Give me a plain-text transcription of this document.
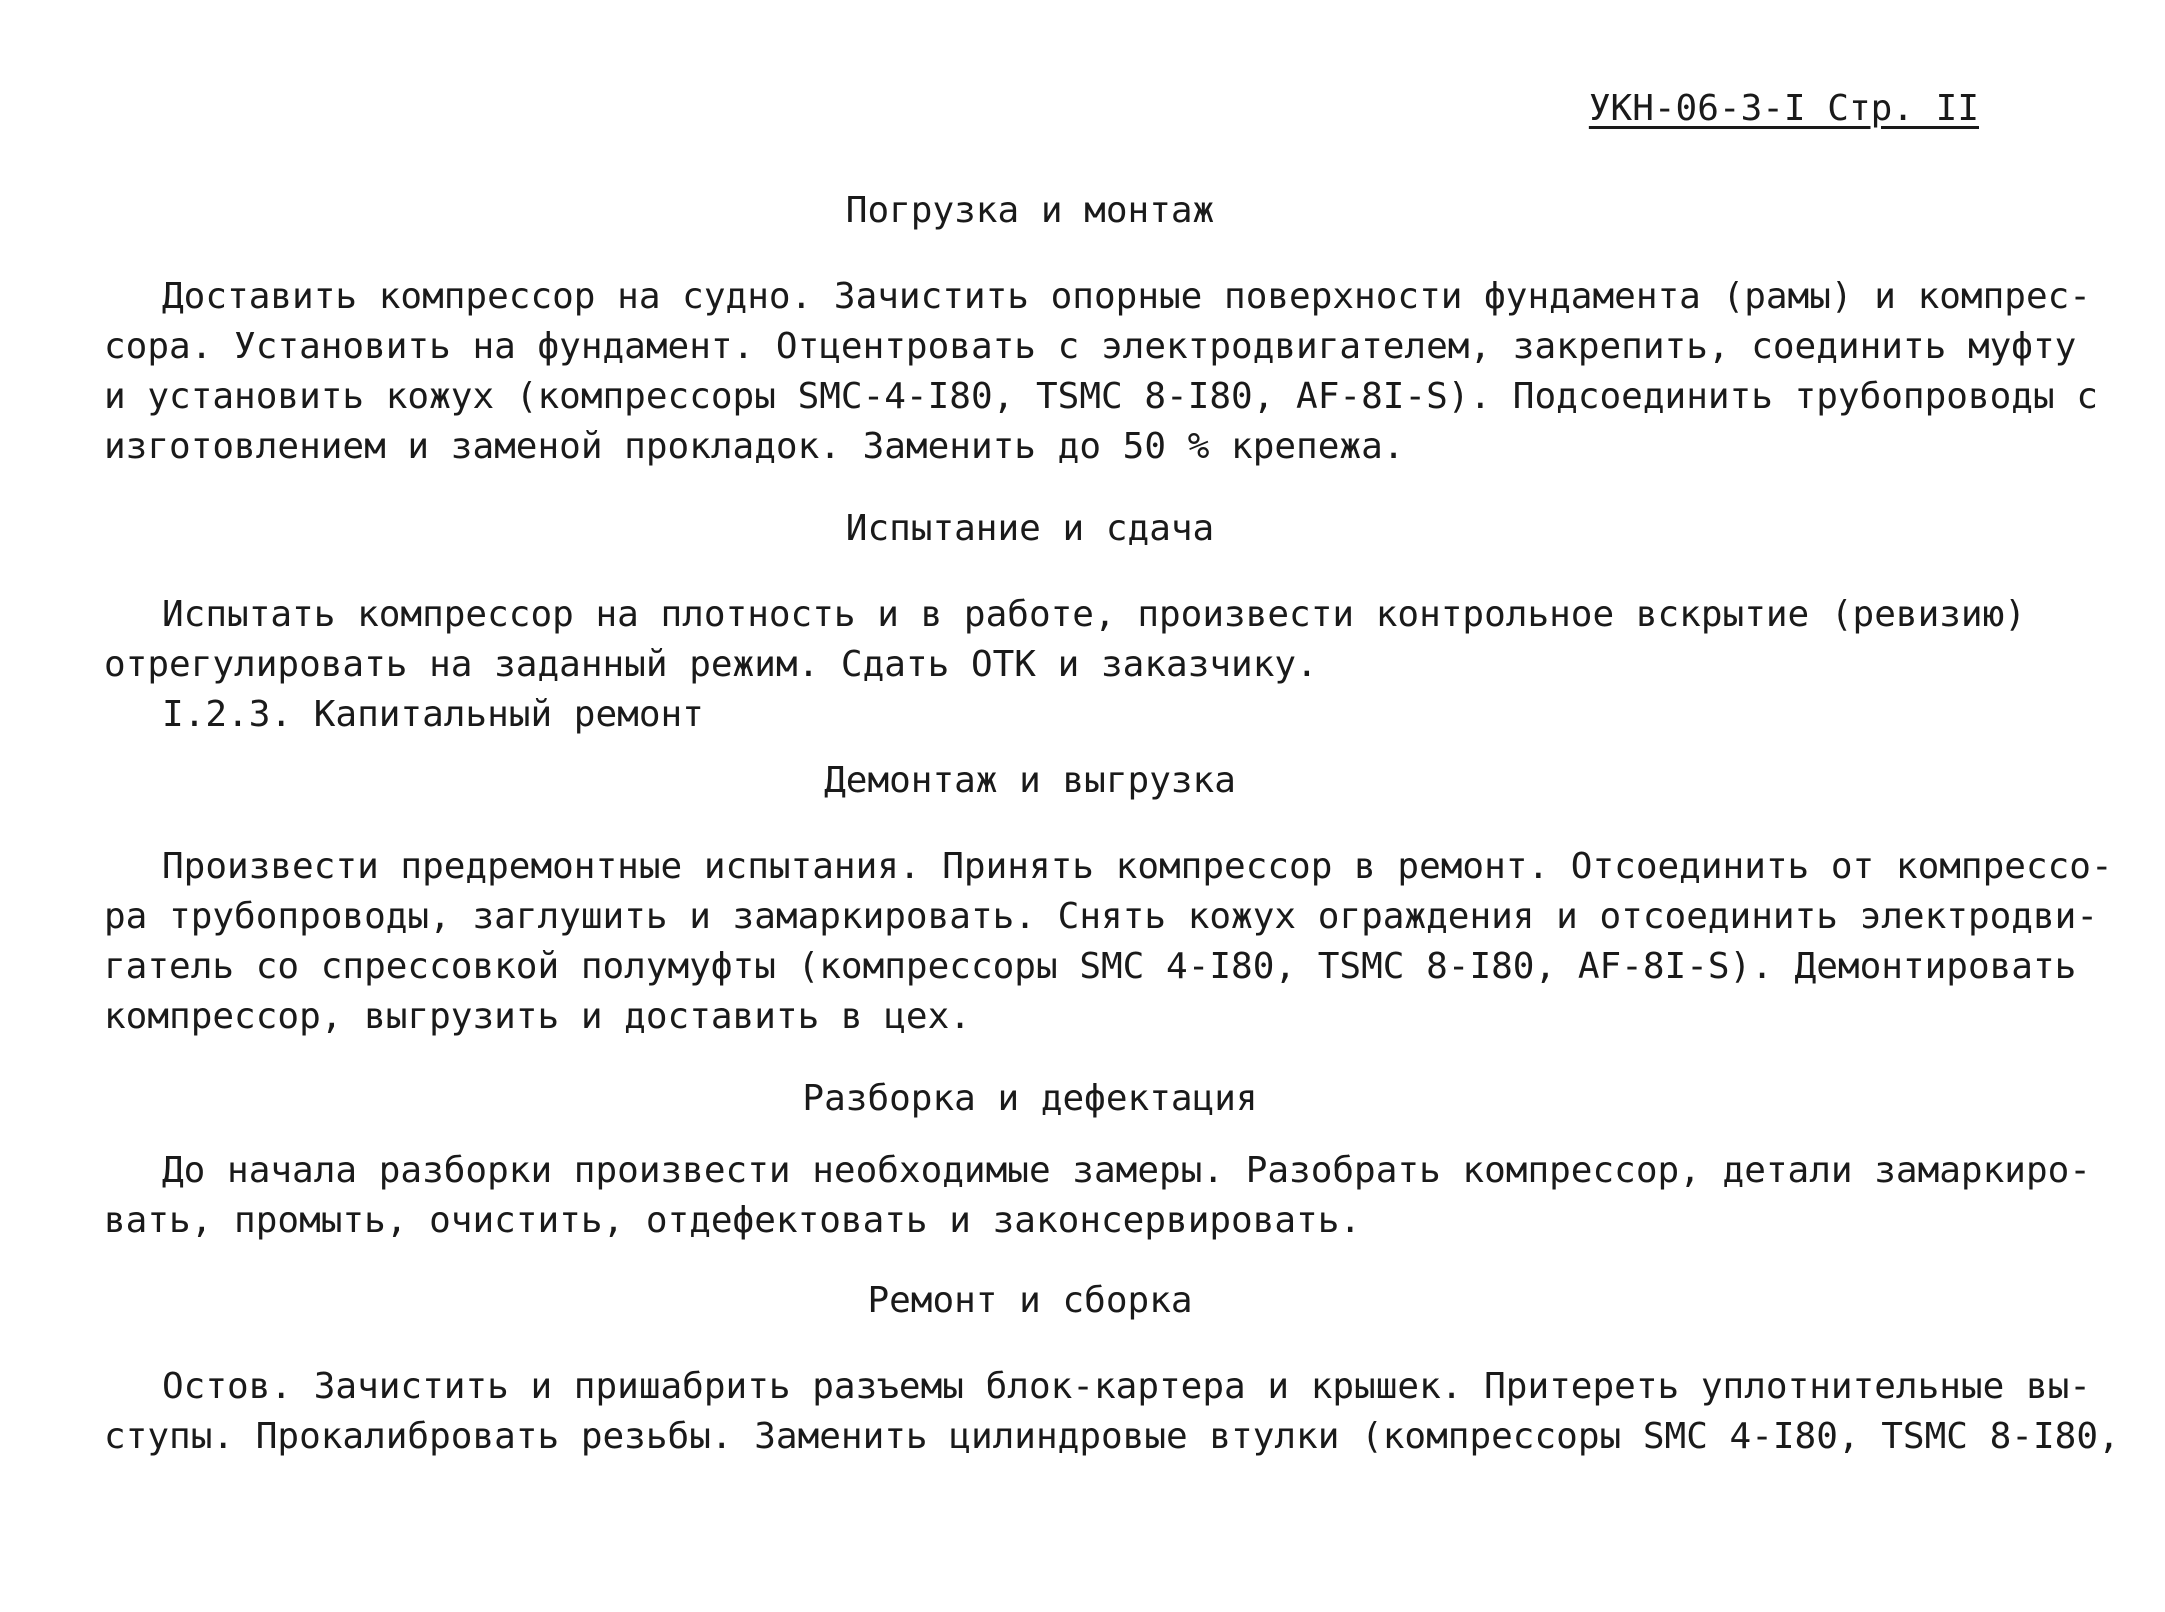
УКН-06-3-I Стр. II
Погрузка и монтаж
Доставить компрессор на судно. Зачистить опорные поверхности фундамента (рамы) и компрес-
сора. Установить на фундамент. Отцентровать с электродвигателем, закрепить, соединить муфту
и установить кожух (компрессоры SMC-4-I80, TSMC 8-I80, AF-8I-S). Подсоединить трубопроводы с
изготовлением и заменой прокладок. Заменить до 50 % крепежа.
Испытание и сдача
Испытать компрессор на плотность и в работе, произвести контрольное вскрытие (ревизию)
отрегулировать на заданный режим. Сдать ОТК и заказчику.
I.2.3. Капитальный ремонт
Демонтаж и выгрузка
Произвести предремонтные испытания. Принять компрессор в ремонт. Отсоединить от компрессо-
ра трубопроводы, заглушить и замаркировать. Снять кожух ограждения и отсоединить электродви-
гатель со спрессовкой полумуфты (компрессоры SMC 4-I80, TSMC 8-I80, AF-8I-S). Демонтировать
компрессор, выгрузить и доставить в цех.
Разборка и дефектация
До начала разборки произвести необходимые замеры. Разобрать компрессор, детали замаркиро-
вать, промыть, очистить, отдефектовать и законсервировать.
Ремонт и сборка
Остов. Зачистить и пришабрить разъемы блок-картера и крышек. Притереть уплотнительные вы-
ступы. Прокалибровать резьбы. Заменить цилиндровые втулки (компрессоры SMC 4-I80, TSMC 8-I80,
